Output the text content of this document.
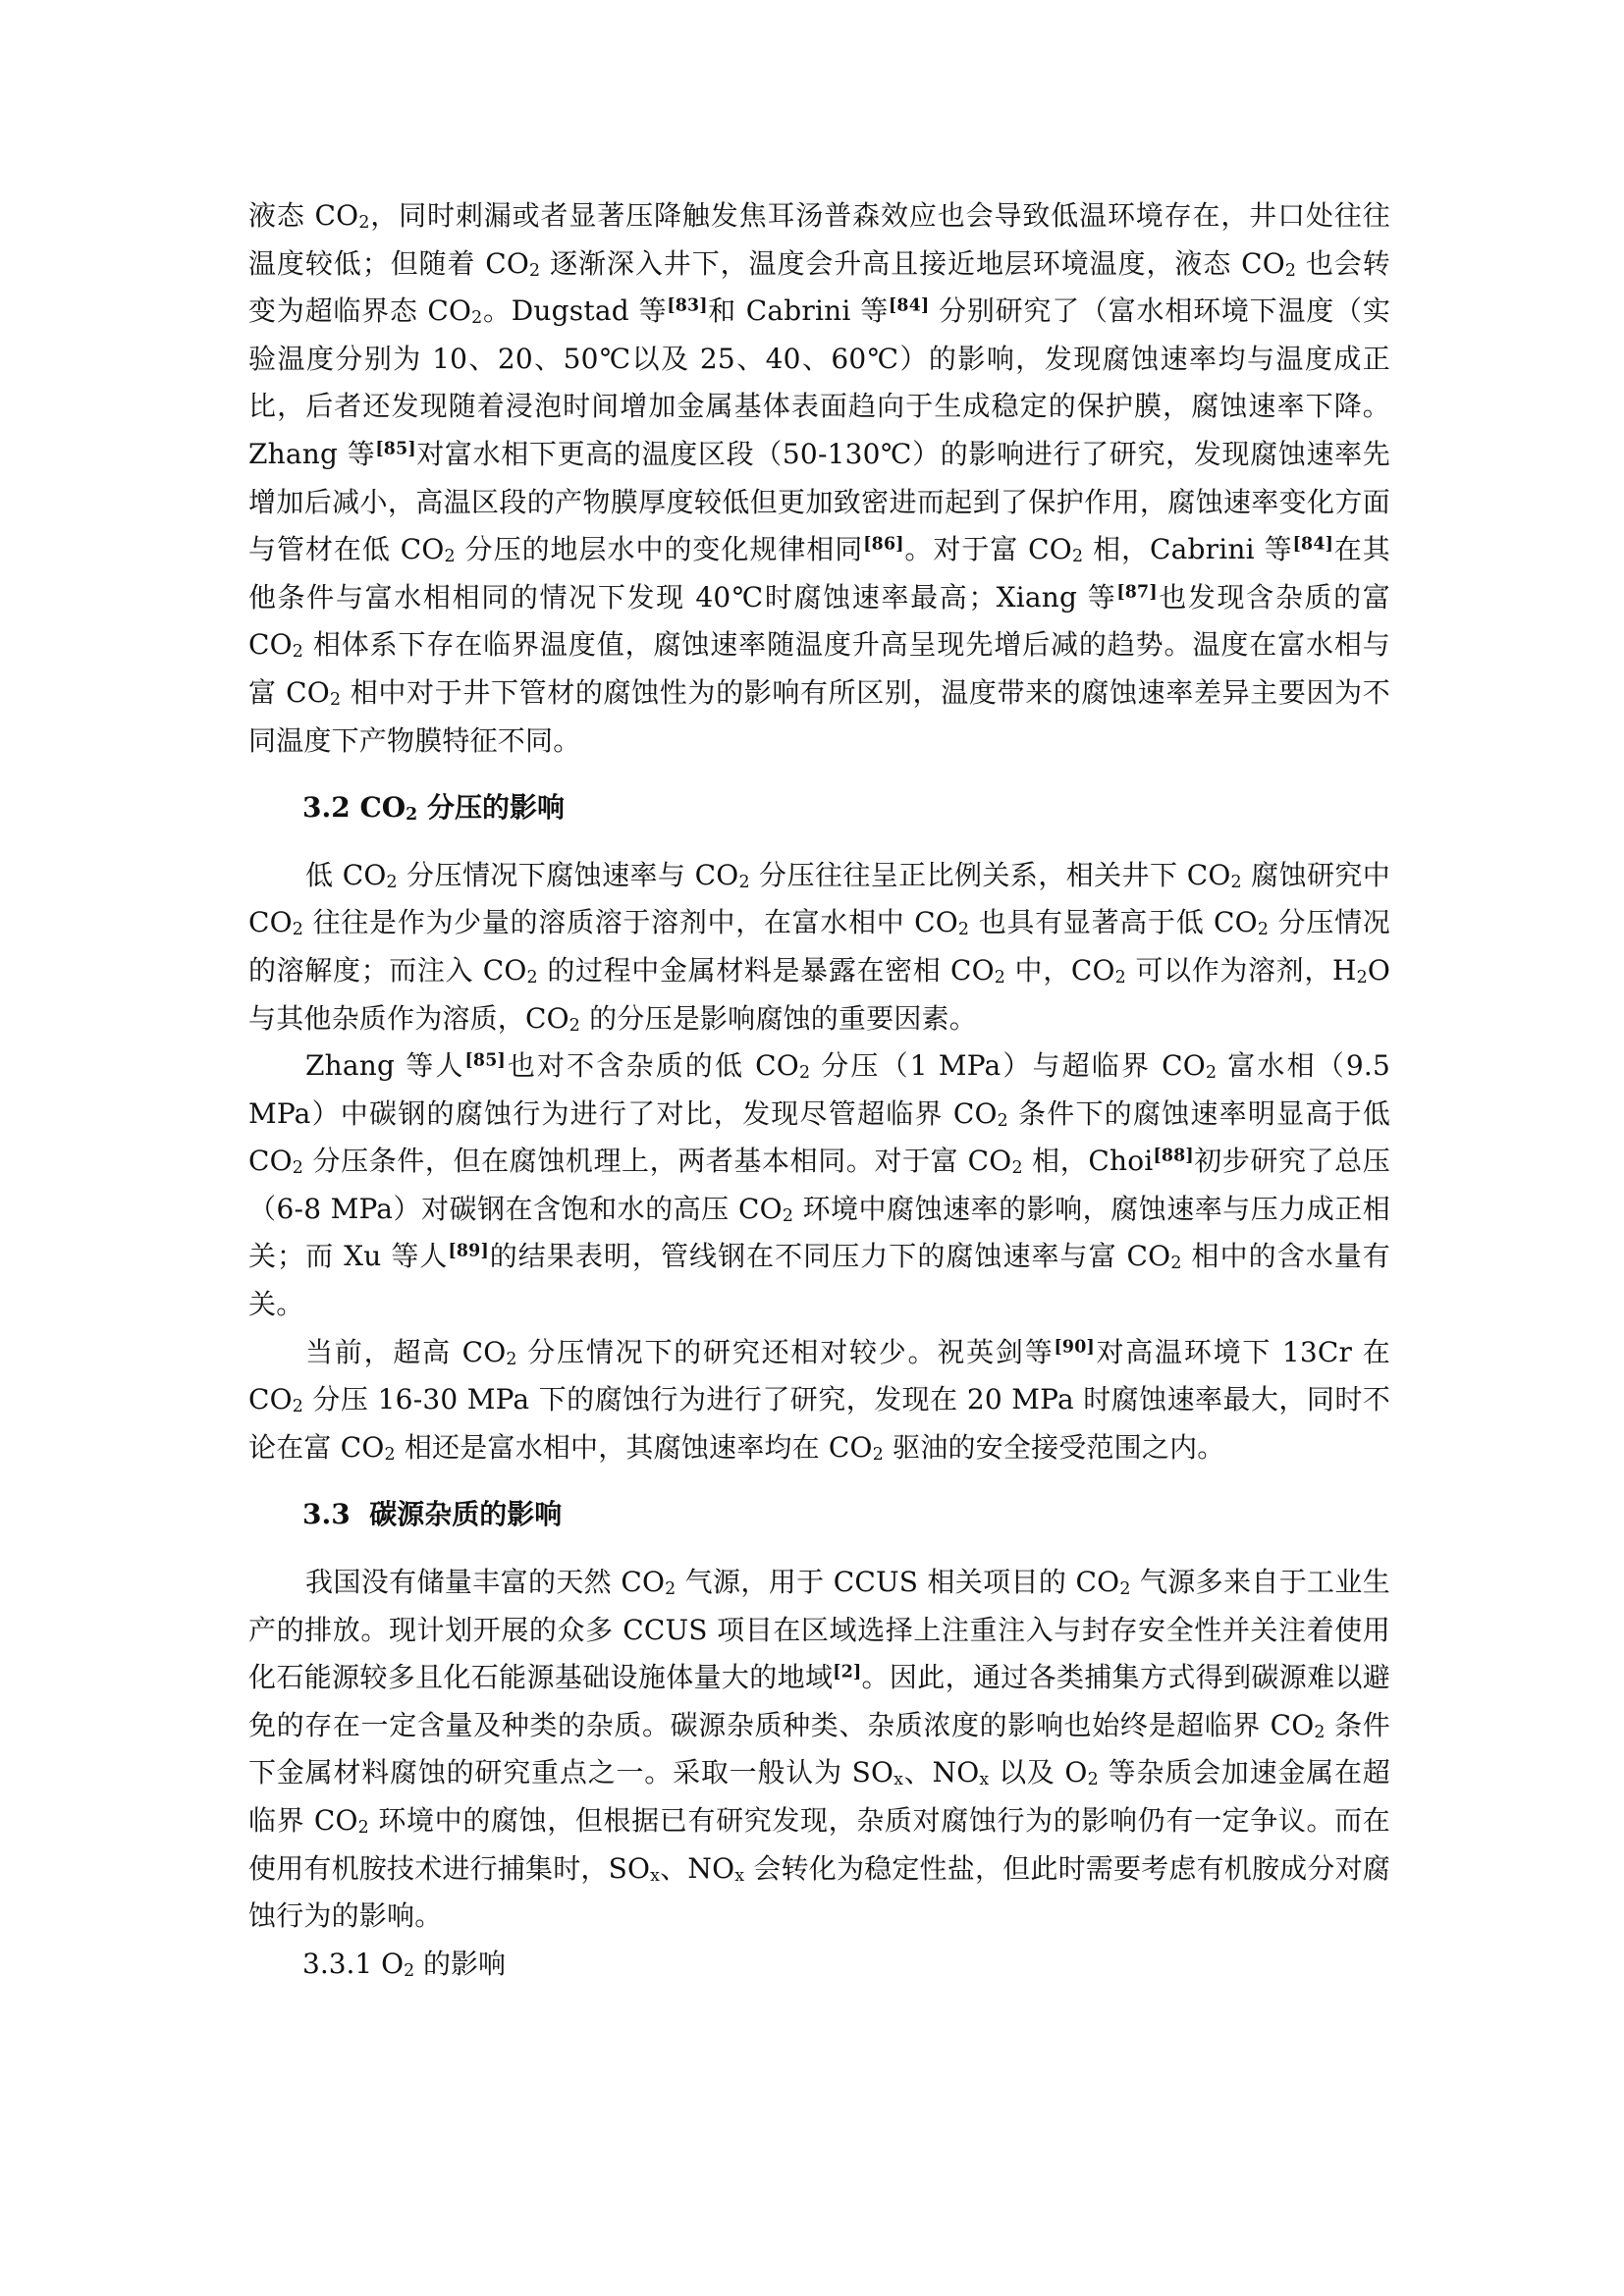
液态 $CO_2$，同时刺漏或者显著压降触发焦耳汤普森效应也会导致低温环境存在，井口处往往温度较低；但随着 $CO_2$ 逐渐深入井下，温度会升高且接近地层环境温度，液态 $CO_2$ 也会转变为超临界态 $CO_2$。Dugstad 等[83]和 Cabrini 等[84] 分别研究了（富水相环境下温度（实验温度分别为 10、20、50℃以及 25、40、60℃）的影响，发现腐蚀速率均与温度成正比，后者还发现随着浸泡时间增加金属基体表面趋向于生成稳定的保护膜，腐蚀速率下降。Zhang 等[85]对富水相下更高的温度区段（50-130℃）的影响进行了研究，发现腐蚀速率先增加后减小，高温区段的产物膜厚度较低但更加致密进而起到了保护作用，腐蚀速率变化方面与管材在低 $CO_2$ 分压的地层水中的变化规律相同[86]。对于富 $CO_2$ 相，Cabrini 等[84]在其他条件与富水相相同的情况下发现 40℃时腐蚀速率最高；Xiang 等[87]也发现含杂质的富 $CO_2$ 相体系下存在临界温度值，腐蚀速率随温度升高呈现先增后减的趋势。温度在富水相与富 $CO_2$ 相中对于井下管材的腐蚀性为的影响有所区别，温度带来的腐蚀速率差异主要因为不同温度下产物膜特征不同。

3.2 $CO_2$ 分压的影响

低 $CO_2$ 分压情况下腐蚀速率与 $CO_2$ 分压往往呈正比例关系，相关井下 $CO_2$ 腐蚀研究中 $CO_2$ 往往是作为少量的溶质溶于溶剂中，在富水相中 $CO_2$ 也具有显著高于低 $CO_2$ 分压情况的溶解度；而注入 $CO_2$ 的过程中金属材料是暴露在密相 $CO_2$ 中，$CO_2$ 可以作为溶剂，$H_2O$ 与其他杂质作为溶质，$CO_2$ 的分压是影响腐蚀的重要因素。

Zhang 等人[85]也对不含杂质的低 $CO_2$ 分压（1 MPa）与超临界 $CO_2$ 富水相（9.5 MPa）中碳钢的腐蚀行为进行了对比，发现尽管超临界 $CO_2$ 条件下的腐蚀速率明显高于低 $CO_2$ 分压条件，但在腐蚀机理上，两者基本相同。对于富 $CO_2$ 相，Choi[88]初步研究了总压（6-8 MPa）对碳钢在含饱和水的高压 $CO_2$ 环境中腐蚀速率的影响，腐蚀速率与压力成正相关；而 Xu 等人[89]的结果表明，管线钢在不同压力下的腐蚀速率与富 $CO_2$ 相中的含水量有关。

当前，超高 $CO_2$ 分压情况下的研究还相对较少。祝英剑等[90]对高温环境下 13Cr 在 $CO_2$ 分压 16-30 MPa 下的腐蚀行为进行了研究，发现在 20 MPa 时腐蚀速率最大，同时不论在富 $CO_2$ 相还是富水相中，其腐蚀速率均在 $CO_2$ 驱油的安全接受范围之内。

3.3  碳源杂质的影响

我国没有储量丰富的天然 $CO_2$ 气源，用于 CCUS 相关项目的 $CO_2$ 气源多来自于工业生产的排放。现计划开展的众多 CCUS 项目在区域选择上注重注入与封存安全性并关注着使用化石能源较多且化石能源基础设施体量大的地域[2]。因此，通过各类捕集方式得到碳源难以避免的存在一定含量及种类的杂质。碳源杂质种类、杂质浓度的影响也始终是超临界 $CO_2$ 条件下金属材料腐蚀的研究重点之一。采取一般认为 $SO_x$、$NO_x$ 以及 $O_2$ 等杂质会加速金属在超临界 $CO_2$ 环境中的腐蚀，但根据已有研究发现，杂质对腐蚀行为的影响仍有一定争议。而在使用有机胺技术进行捕集时，$SO_x$、$NO_x$ 会转化为稳定性盐，但此时需要考虑有机胺成分对腐蚀行为的影响。

3.3.1 $O_2$ 的影响
